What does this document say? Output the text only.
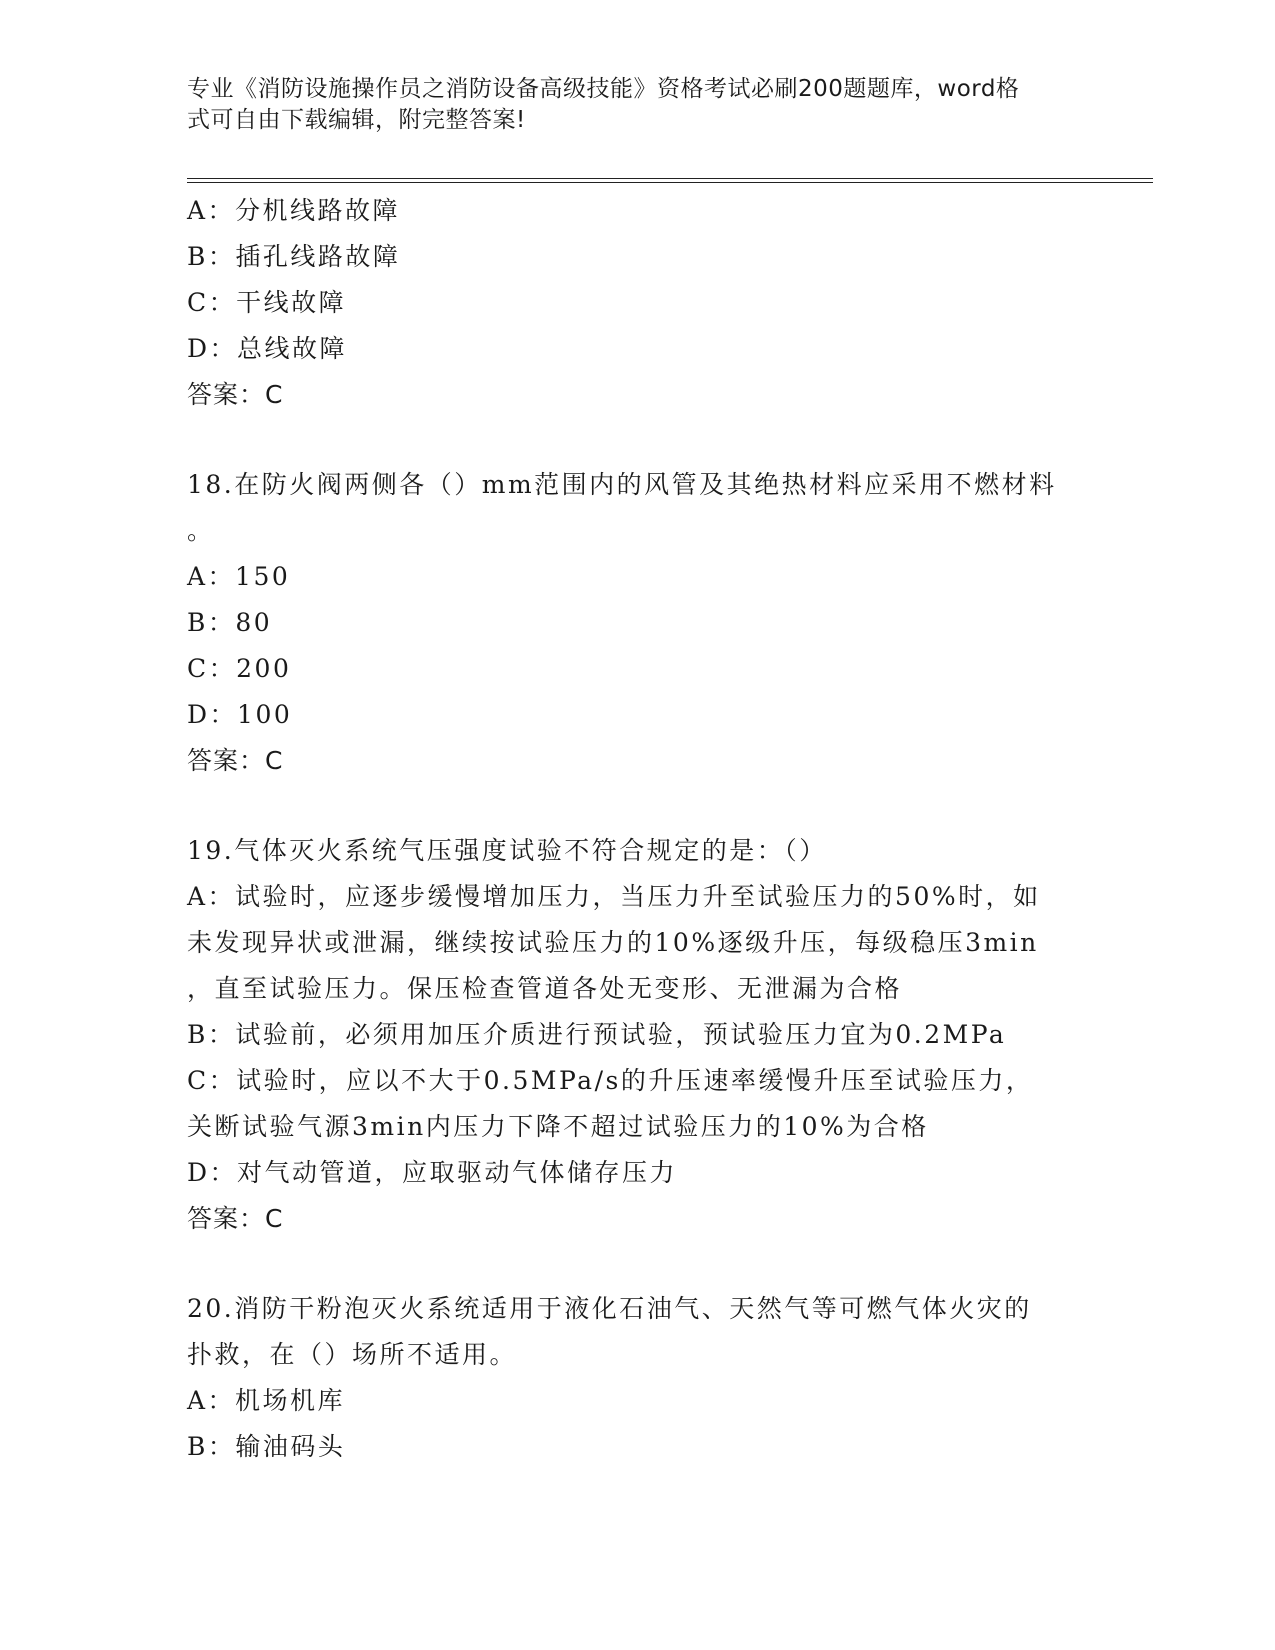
专业《消防设施操作员之消防设备高级技能》资格考试必刷200题题库，word格
式可自由下载编辑，附完整答案!
A：分机线路故障
B：插孔线路故障
C：干线故障
D：总线故障
答案：C
18.在防火阀两侧各（）mm范围内的风管及其绝热材料应采用不燃材料
。
A：150
B：80
C：200
D：100
答案：C
19.气体灭火系统气压强度试验不符合规定的是：（）
A：试验时，应逐步缓慢增加压力，当压力升至试验压力的50%时，如
未发现异状或泄漏，继续按试验压力的10%逐级升压，每级稳压3min
，直至试验压力。保压检查管道各处无变形、无泄漏为合格
B：试验前，必须用加压介质进行预试验，预试验压力宜为0.2MPa
C：试验时，应以不大于0.5MPa/s的升压速率缓慢升压至试验压力，
关断试验气源3min内压力下降不超过试验压力的10%为合格
D：对气动管道，应取驱动气体储存压力
答案：C
20.消防干粉泡灭火系统适用于液化石油气、天然气等可燃气体火灾的
扑救，在（）场所不适用。
A：机场机库
B：输油码头
